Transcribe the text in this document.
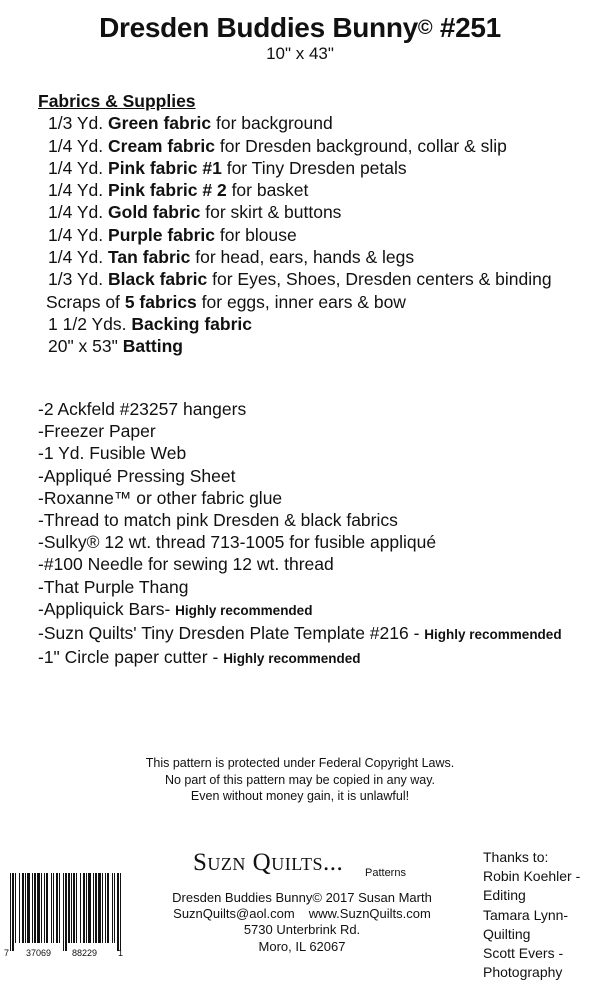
Dresden Buddies Bunny© #251
10" x 43"
Fabrics & Supplies
1/3 Yd. Green fabric for background
1/4 Yd. Cream fabric for Dresden background, collar & slip
1/4 Yd. Pink fabric #1 for Tiny Dresden petals
1/4 Yd. Pink fabric # 2 for basket
1/4 Yd. Gold fabric for skirt & buttons
1/4 Yd. Purple fabric for blouse
1/4 Yd. Tan fabric for head, ears, hands & legs
1/3 Yd. Black fabric for Eyes, Shoes, Dresden centers & binding
Scraps of 5 fabrics for eggs, inner ears & bow
1 1/2 Yds. Backing fabric
20" x 53" Batting
-2 Ackfeld #23257 hangers
-Freezer Paper
-1 Yd. Fusible Web
-Appliqué Pressing Sheet
-Roxanne™ or other fabric glue
-Thread to match pink Dresden & black fabrics
-Sulky® 12 wt. thread 713-1005 for fusible appliqué
-#100 Needle for sewing 12 wt. thread
-That Purple Thang
-Appliquick Bars- Highly recommended
-Suzn Quilts' Tiny Dresden Plate Template #216 - Highly recommended
-1" Circle paper cutter - Highly recommended
This pattern is protected under Federal Copyright Laws.
No part of this pattern may be copied in any way.
Even without money gain, it is unlawful!
Suzn Quilts... Patterns
Dresden Buddies Bunny© 2017 Susan Marth
SuznQuilts@aol.com www.SuznQuilts.com
5730 Unterbrink Rd.
Moro, IL 62067
Thanks to:
Robin Koehler -
Editing
Tamara Lynn-
Quilting
Scott Evers -
Photography
7 37069 88229 1
